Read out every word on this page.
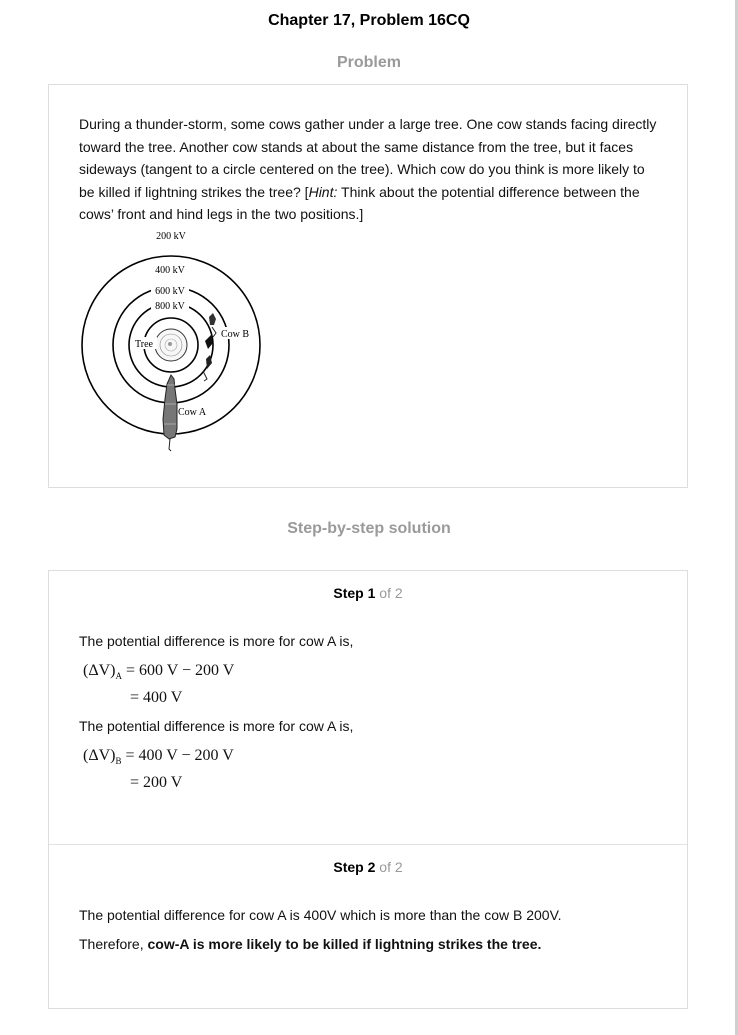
Chapter 17, Problem 16CQ
Problem
During a thunder-storm, some cows gather under a large tree. One cow stands facing directly toward the tree. Another cow stands at about the same distance from the tree, but it faces sideways (tangent to a circle centered on the tree). Which cow do you think is more likely to be killed if lightning strikes the tree? [Hint: Think about the potential difference between the cows’ front and hind legs in the two positions.]
200 kV
400 kV
600 kV
800 kV
Tree
Cow B
Cow A
Step-by-step solution
Step 1 of 2
The potential difference is more for cow A is,
$(\Delta V)_A = 600$ V − 200 V
= 400 V
The potential difference is more for cow A is,
$(\Delta V)_B = 400$ V − 200 V
= 200 V
Step 2 of 2
The potential difference for cow A is 400V which is more than the cow B 200V.
Therefore, cow-A is more likely to be killed if lightning strikes the tree.
